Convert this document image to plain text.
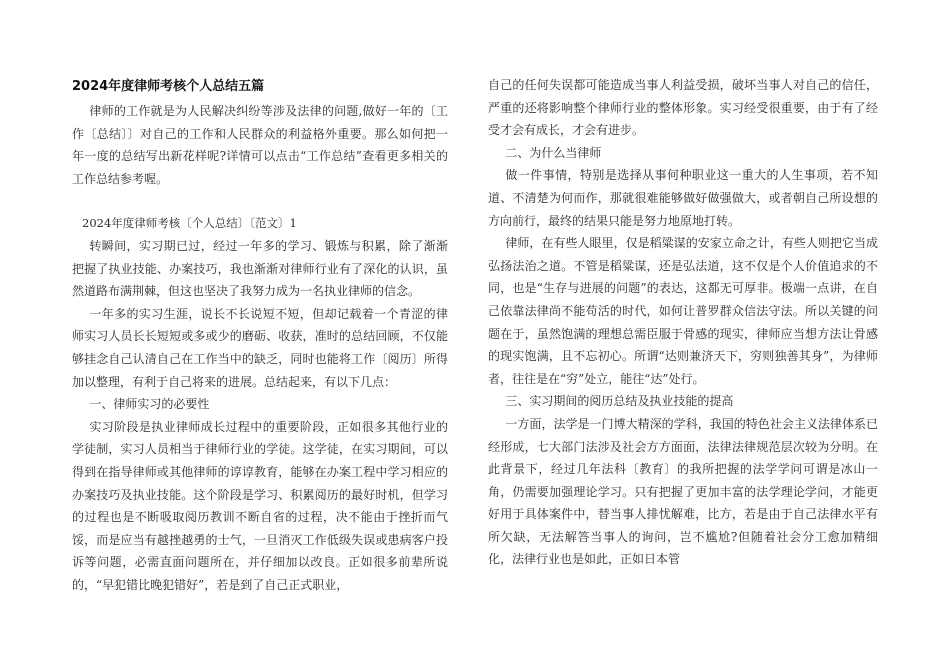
2024年度律师考核个人总结五篇

律师的工作就是为人民解决纠纷等涉及法律的问题,做好一年的〔工作〔总结〕〕对自己的工作和人民群众的利益格外重要。那么如何把一年一度的总结写出新花样呢?详情可以点击“工作总结”查看更多相关的工作总结参考喔。

2024年度律师考核〔个人总结〕〔范文〕1

转瞬间，实习期已过，经过一年多的学习、锻炼与积累，除了渐渐把握了执业技能、办案技巧，我也渐渐对律师行业有了深化的认识，虽然道路布满荆棘，但这也坚决了我努力成为一名执业律师的信念。

一年多的实习生涯，说长不长说短不短，但却记载着一个青涩的律师实习人员长长短短或多或少的磨砺、收获，准时的总结回顾，不仅能够挂念自己认清自己在工作当中的缺乏，同时也能将工作〔阅历〕所得加以整理，有利于自己将来的进展。总结起来，有以下几点：

一、律师实习的必要性

实习阶段是执业律师成长过程中的重要阶段，正如很多其他行业的学徒制，实习人员相当于律师行业的学徒。这学徒，在实习期间，可以得到在指导律师或其他律师的谆谆教育，能够在办案工程中学习相应的办案技巧及执业技能。这个阶段是学习、积累阅历的最好时机，但学习的过程也是不断吸取阅历教训不断自省的过程，决不能由于挫折而气馁，而是应当有越挫越勇的士气，一旦消灭工作低级失误或患病客户投诉等问题，必需直面问题所在，并仔细加以改良。正如很多前辈所说的，“早犯错比晚犯错好”，若是到了自己正式职业，

自己的任何失误都可能造成当事人利益受损，破坏当事人对自己的信任，严重的还将影响整个律师行业的整体形象。实习经受很重要，由于有了经受才会有成长，才会有进步。

二、为什么当律师

做一件事情，特别是选择从事何种职业这一重大的人生事项，若不知道、不清楚为何而作，那就很难能够做好做强做大，或者朝自己所设想的方向前行，最终的结果只能是努力地原地打转。

律师，在有些人眼里，仅是稻粱谋的安家立命之计，有些人则把它当成弘扬法治之道。不管是稻粱谋，还是弘法道，这不仅是个人价值追求的不同，也是“生存与进展的问题”的表达，这都无可厚非。极端一点讲，在自己依靠法律尚不能苟活的时代，如何让普罗群众信法守法。所以关键的问题在于，虽然饱满的理想总需臣服于骨感的现实，律师应当想方法让骨感的现实饱满，且不忘初心。所谓“达则兼济天下，穷则独善其身”，为律师者，往往是在“穷”处立，能往“达”处行。

三、实习期间的阅历总结及执业技能的提高

一方面，法学是一门博大精深的学科，我国的特色社会主义法律体系已经形成，七大部门法涉及社会方方面面，法律法律规范层次较为分明。在此背景下，经过几年法科〔教育〕的我所把握的法学学问可谓是冰山一角，仍需要加强理论学习。只有把握了更加丰富的法学理论学问，才能更好用于具体案件中，替当事人排忧解难，比方，若是由于自己法律水平有所欠缺，无法解答当事人的询问，岂不尴尬?但随着社会分工愈加精细化，法律行业也是如此，正如日本管
